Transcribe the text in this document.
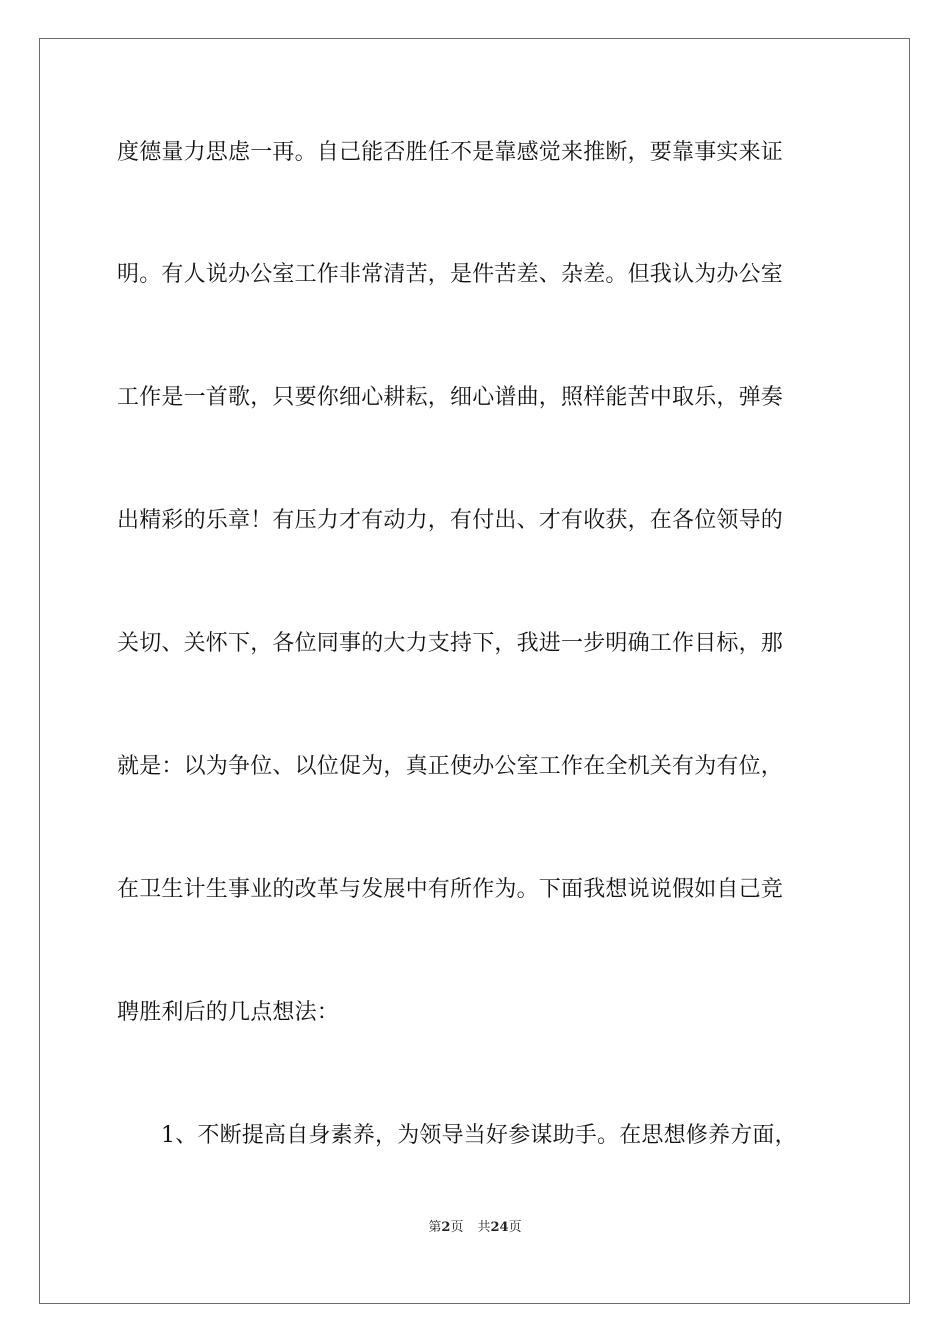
度德量力思虑一再。自己能否胜任不是靠感觉来推断，要靠事实来证
明。有人说办公室工作非常清苦，是件苦差、杂差。但我认为办公室
工作是一首歌，只要你细心耕耘，细心谱曲，照样能苦中取乐，弹奏
出精彩的乐章！有压力才有动力，有付出、才有收获，在各位领导的
关切、关怀下，各位同事的大力支持下，我进一步明确工作目标，那
就是：以为争位、以位促为，真正使办公室工作在全机关有为有位，
在卫生计生事业的改革与发展中有所作为。下面我想说说假如自己竞
聘胜利后的几点想法：
1、不断提高自身素养，为领导当好参谋助手。在思想修养方面，
第2页 共24页
